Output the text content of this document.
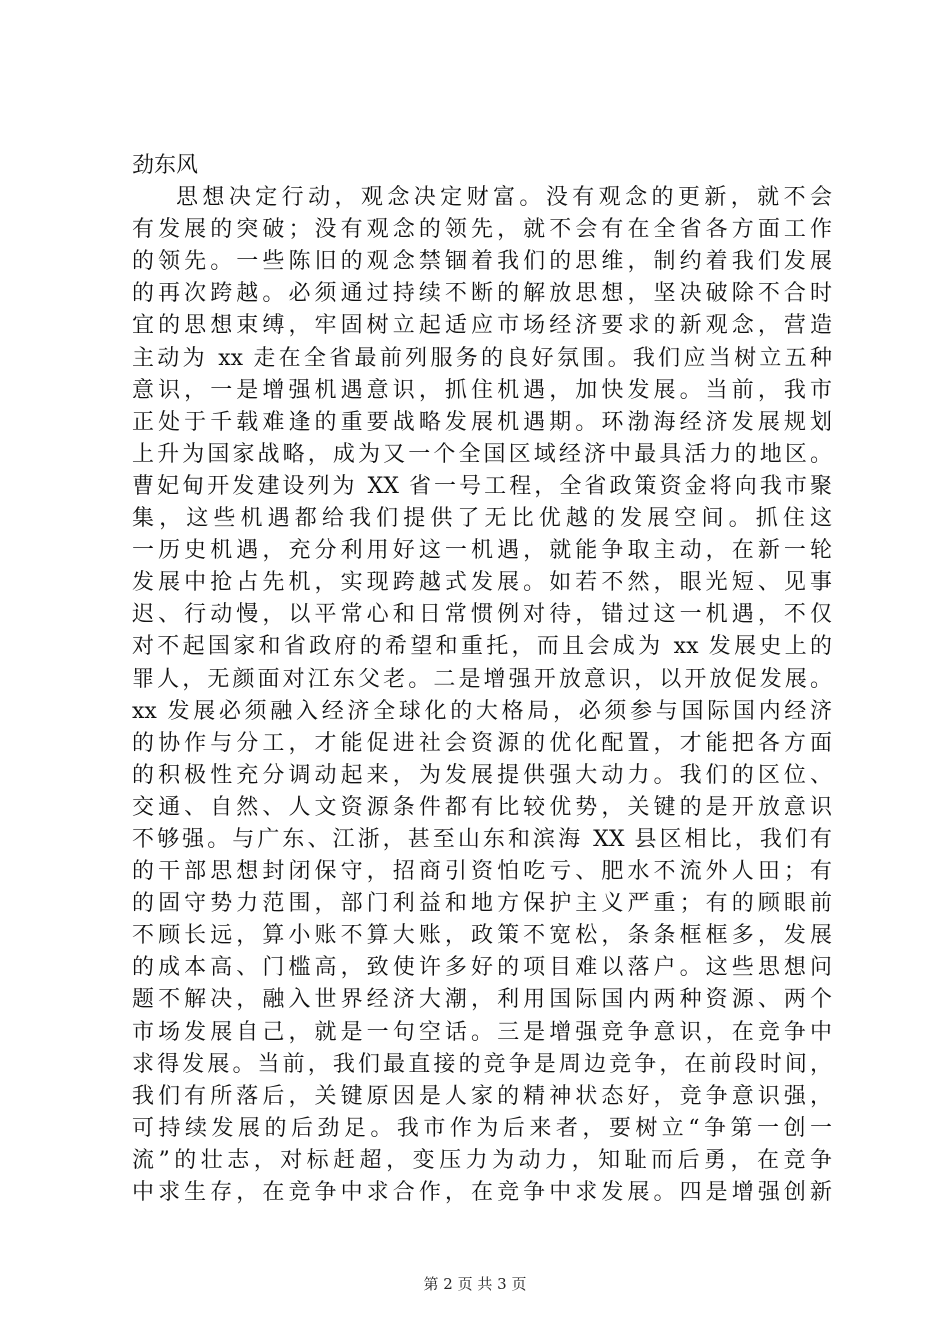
劲东风
思想决定行动，观念决定财富。没有观念的更新，就不会
有发展的突破；没有观念的领先，就不会有在全省各方面工作
的领先。一些陈旧的观念禁锢着我们的思维，制约着我们发展
的再次跨越。必须通过持续不断的解放思想，坚决破除不合时
宜的思想束缚，牢固树立起适应市场经济要求的新观念，营造
主动为 xx 走在全省最前列服务的良好氛围。我们应当树立五种
意识，一是增强机遇意识，抓住机遇，加快发展。当前，我市
正处于千载难逢的重要战略发展机遇期。环渤海经济发展规划
上升为国家战略，成为又一个全国区域经济中最具活力的地区。
曹妃甸开发建设列为 XX 省一号工程，全省政策资金将向我市聚
集，这些机遇都给我们提供了无比优越的发展空间。抓住这
一历史机遇，充分利用好这一机遇，就能争取主动，在新一轮
发展中抢占先机，实现跨越式发展。如若不然，眼光短、见事
迟、行动慢，以平常心和日常惯例对待，错过这一机遇，不仅
对不起国家和省政府的希望和重托，而且会成为 xx 发展史上的
罪人，无颜面对江东父老。二是增强开放意识，以开放促发展。
xx 发展必须融入经济全球化的大格局，必须参与国际国内经济
的协作与分工，才能促进社会资源的优化配置，才能把各方面
的积极性充分调动起来，为发展提供强大动力。我们的区位、
交通、自然、人文资源条件都有比较优势，关键的是开放意识
不够强。与广东、江浙，甚至山东和滨海 XX 县区相比，我们有
的干部思想封闭保守，招商引资怕吃亏、肥水不流外人田；有
的固守势力范围，部门利益和地方保护主义严重；有的顾眼前
不顾长远，算小账不算大账，政策不宽松，条条框框多，发展
的成本高、门槛高，致使许多好的项目难以落户。这些思想问
题不解决，融入世界经济大潮，利用国际国内两种资源、两个
市场发展自己，就是一句空话。三是增强竞争意识，在竞争中
求得发展。当前，我们最直接的竞争是周边竞争，在前段时间，
我们有所落后，关键原因是人家的精神状态好，竞争意识强，
可持续发展的后劲足。我市作为后来者，要树立“争第一创一
流”的壮志，对标赶超，变压力为动力，知耻而后勇，在竞争
中求生存，在竞争中求合作，在竞争中求发展。四是增强创新
第 2 页 共 3 页
